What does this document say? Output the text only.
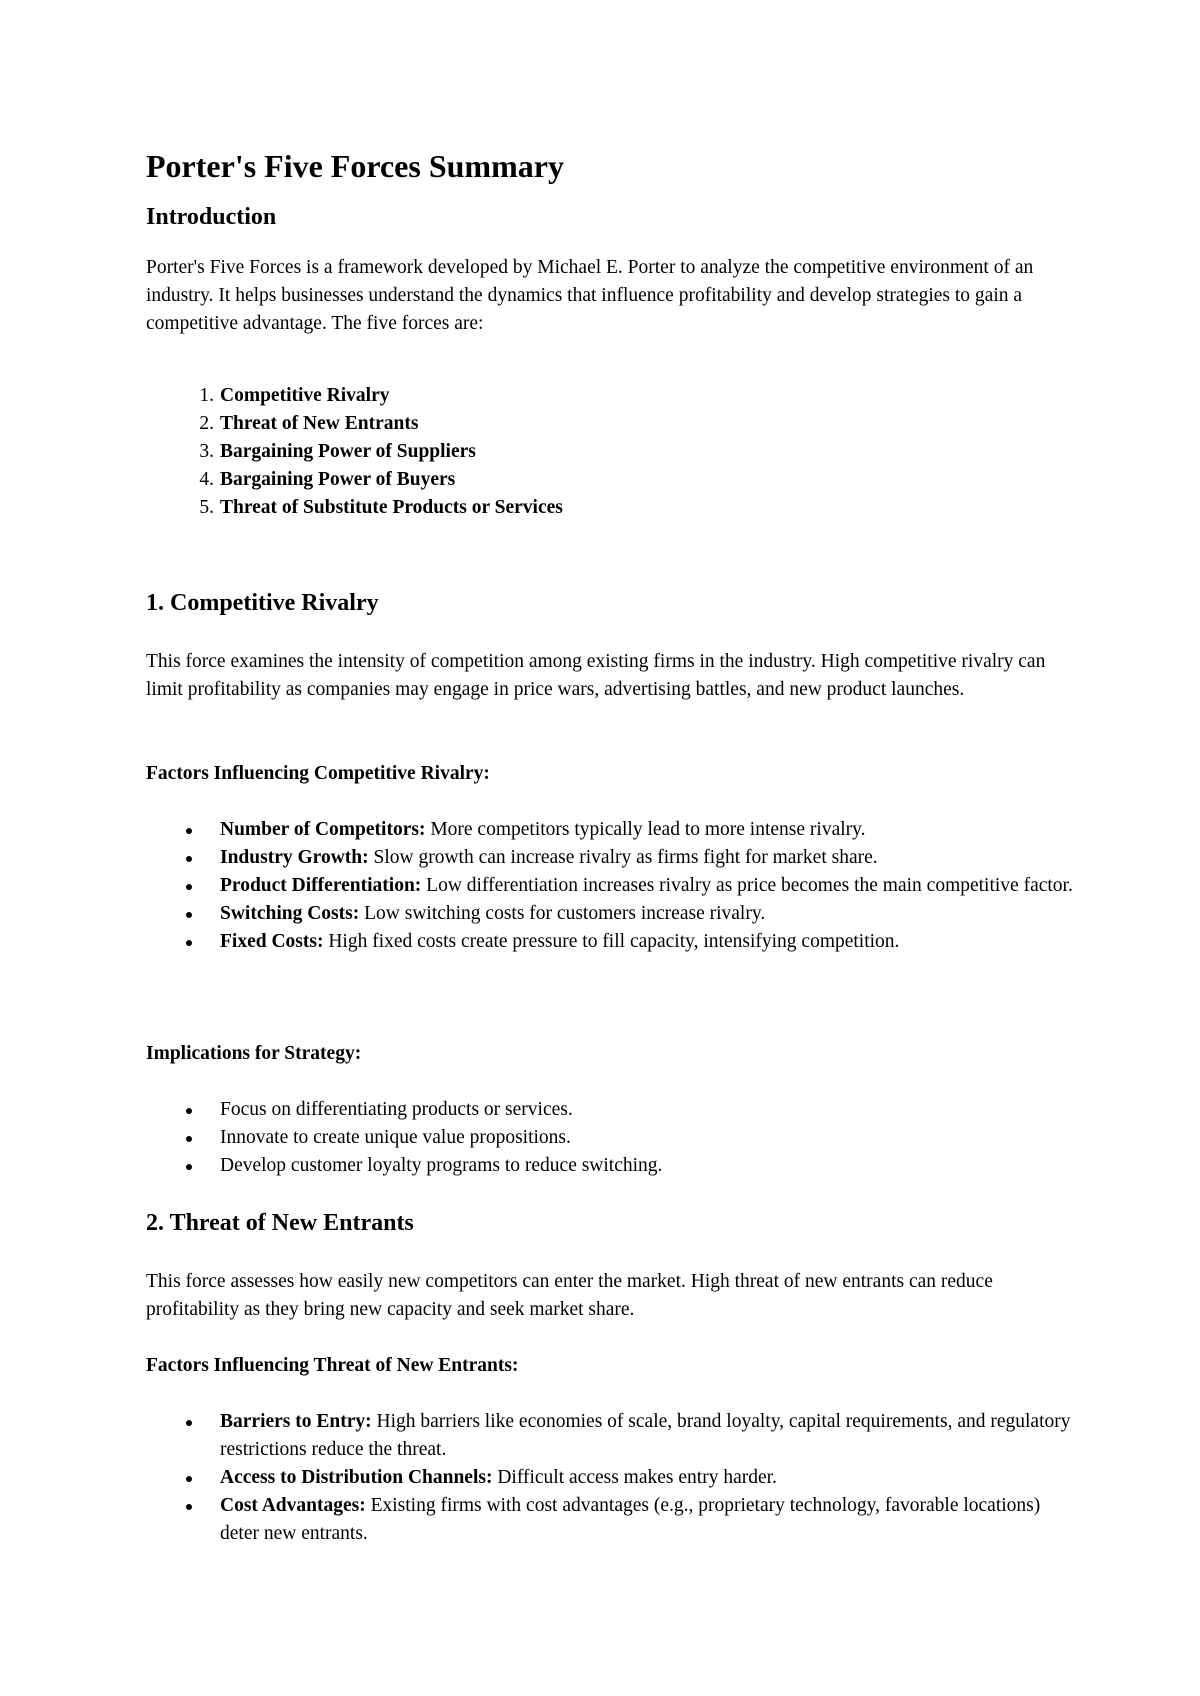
Porter's Five Forces Summary
Introduction

Porter's Five Forces is a framework developed by Michael E. Porter to analyze the competitive environment of an industry. It helps businesses understand the dynamics that influence profitability and develop strategies to gain a competitive advantage. The five forces are:

1. Competitive Rivalry
2. Threat of New Entrants
3. Bargaining Power of Suppliers
4. Bargaining Power of Buyers
5. Threat of Substitute Products or Services
1. Competitive Rivalry

This force examines the intensity of competition among existing firms in the industry. High competitive rivalry can limit profitability as companies may engage in price wars, advertising battles, and new product launches.

Factors Influencing Competitive Rivalry:
Number of Competitors: More competitors typically lead to more intense rivalry.
Industry Growth: Slow growth can increase rivalry as firms fight for market share.
Product Differentiation: Low differentiation increases rivalry as price becomes the main competitive factor.
Switching Costs: Low switching costs for customers increase rivalry.
Fixed Costs: High fixed costs create pressure to fill capacity, intensifying competition.
Implications for Strategy:
Focus on differentiating products or services.
Innovate to create unique value propositions.
Develop customer loyalty programs to reduce switching.
2. Threat of New Entrants

This force assesses how easily new competitors can enter the market. High threat of new entrants can reduce profitability as they bring new capacity and seek market share.

Factors Influencing Threat of New Entrants:
Barriers to Entry: High barriers like economies of scale, brand loyalty, capital requirements, and regulatory restrictions reduce the threat.
Access to Distribution Channels: Difficult access makes entry harder.
Cost Advantages: Existing firms with cost advantages (e.g., proprietary technology, favorable locations) deter new entrants.
